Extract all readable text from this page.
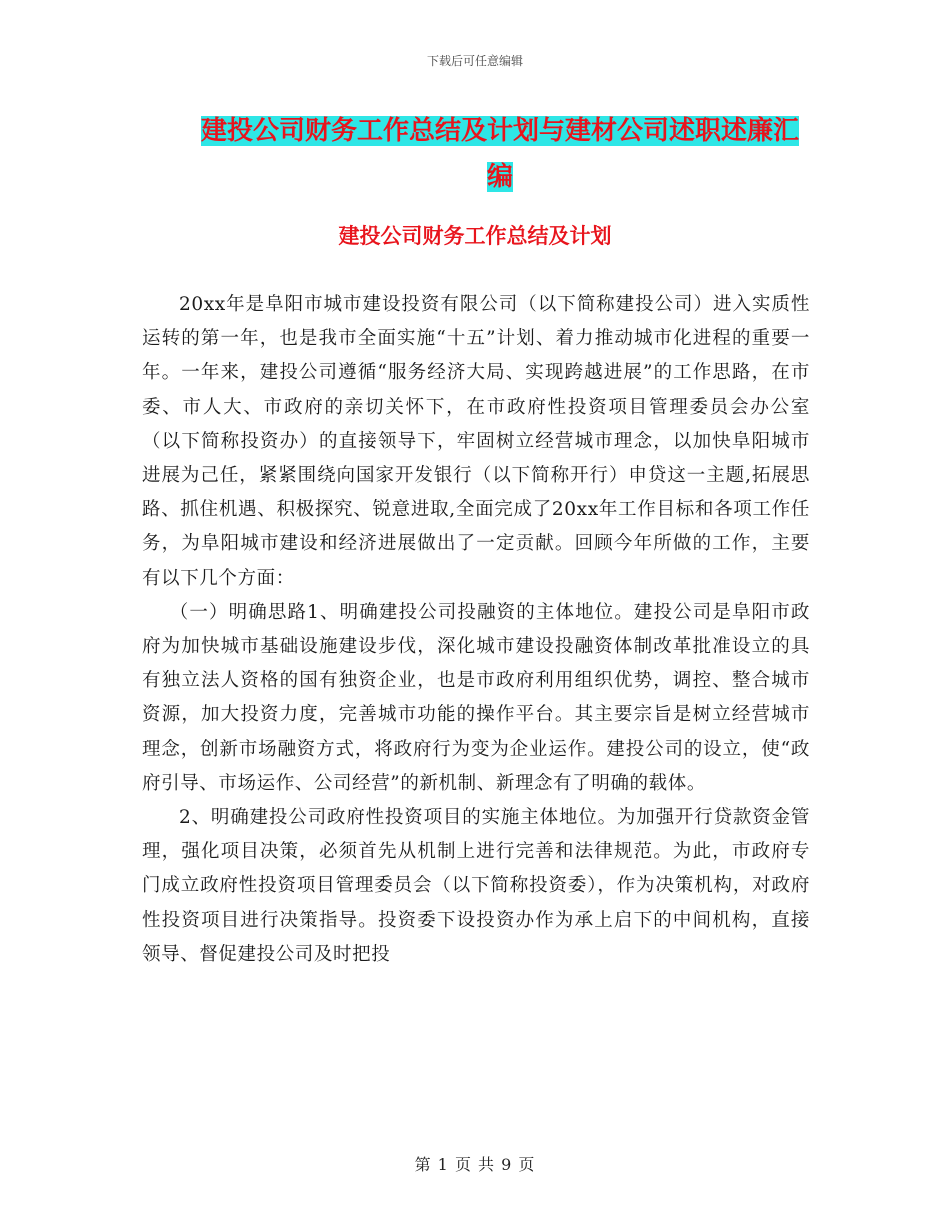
下载后可任意编辑
建投公司财务工作总结及计划与建材公司述职述廉汇编
建投公司财务工作总结及计划

20xx年是阜阳市城市建设投资有限公司（以下简称建投公司）进入实质性运转的第一年，也是我市全面实施“十五”计划、着力推动城市化进程的重要一年。一年来，建投公司遵循“服务经济大局、实现跨越进展”的工作思路，在市委、市人大、市政府的亲切关怀下，在市政府性投资项目管理委员会办公室（以下简称投资办）的直接领导下，牢固树立经营城市理念，以加快阜阳城市进展为己任，紧紧围绕向国家开发银行（以下简称开行）申贷这一主题,拓展思路、抓住机遇、积极探究、锐意进取,全面完成了20xx年工作目标和各项工作任务，为阜阳城市建设和经济进展做出了一定贡献。回顾今年所做的工作，主要有以下几个方面：

（一）明确思路1、明确建投公司投融资的主体地位。建投公司是阜阳市政府为加快城市基础设施建设步伐，深化城市建设投融资体制改革批准设立的具有独立法人资格的国有独资企业，也是市政府利用组织优势，调控、整合城市资源，加大投资力度，完善城市功能的操作平台。其主要宗旨是树立经营城市理念，创新市场融资方式，将政府行为变为企业运作。建投公司的设立，使“政府引导、市场运作、公司经营”的新机制、新理念有了明确的载体。

2、明确建投公司政府性投资项目的实施主体地位。为加强开行贷款资金管理，强化项目决策，必须首先从机制上进行完善和法律规范。为此，市政府专门成立政府性投资项目管理委员会（以下简称投资委），作为决策机构，对政府性投资项目进行决策指导。投资委下设投资办作为承上启下的中间机构，直接领导、督促建投公司及时把投

第 1 页 共 9 页
